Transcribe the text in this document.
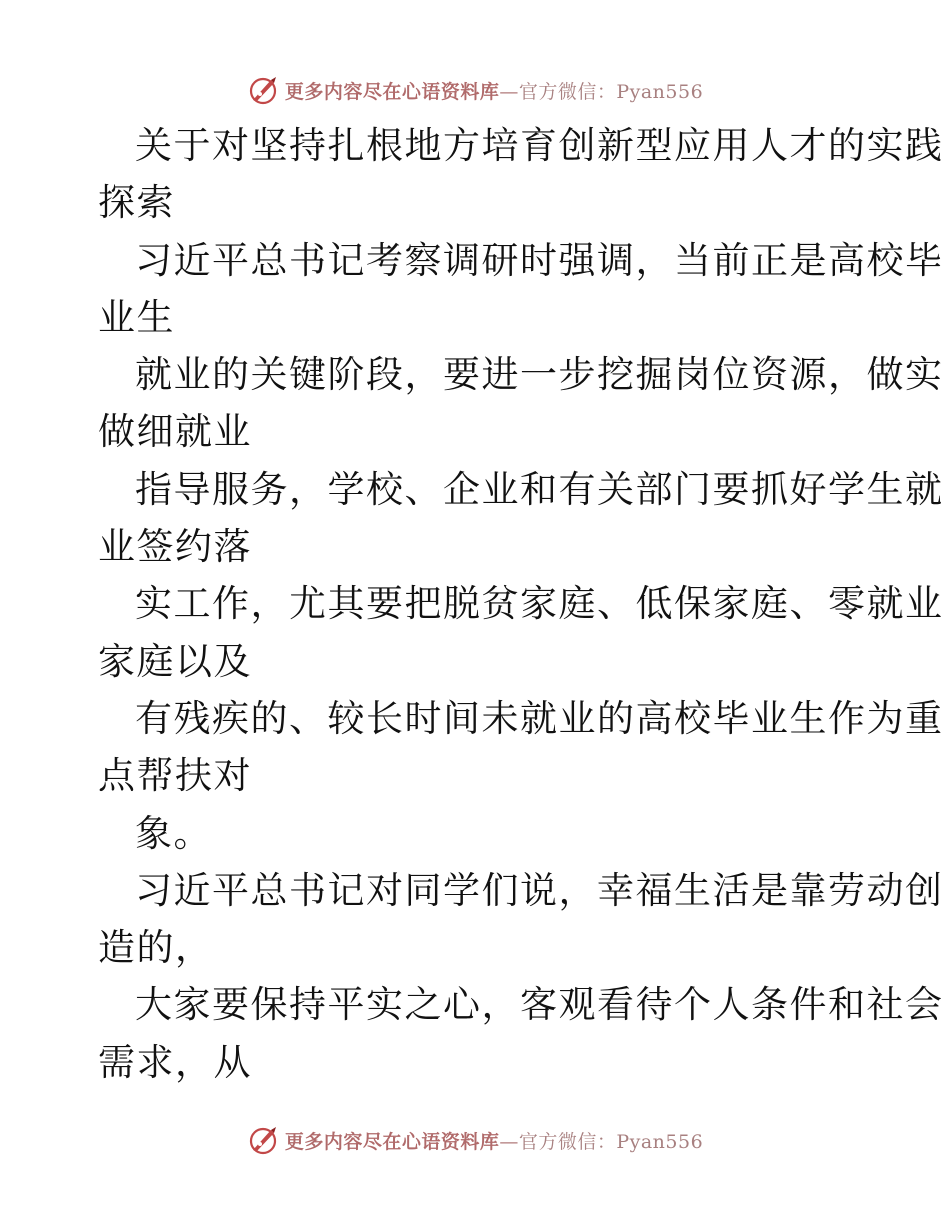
更多内容尽在心语资料库—官方微信：Pyan556

关于对坚持扎根地方培育创新型应用人才的实践
探索

习近平总书记考察调研时强调，当前正是高校毕
业生

就业的关键阶段，要进一步挖掘岗位资源，做实
做细就业

指导服务，学校、企业和有关部门要抓好学生就
业签约落

实工作，尤其要把脱贫家庭、低保家庭、零就业
家庭以及

有残疾的、较长时间未就业的高校毕业生作为重
点帮扶对

象。

习近平总书记对同学们说，幸福生活是靠劳动创
造的，

大家要保持平实之心，客观看待个人条件和社会
需求，从

更多内容尽在心语资料库—官方微信：Pyan556
